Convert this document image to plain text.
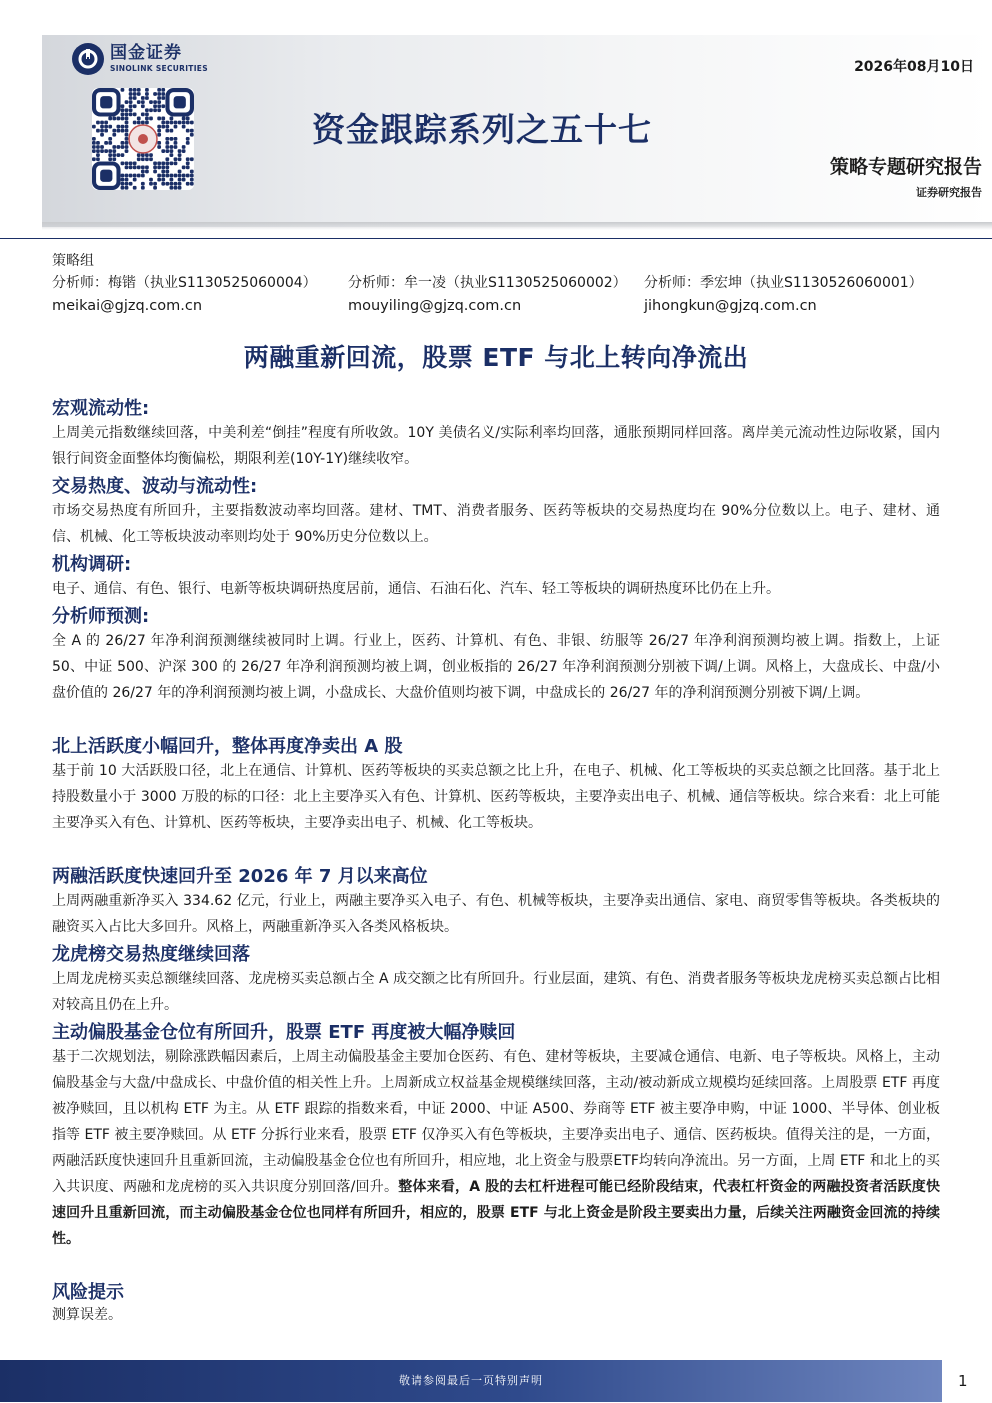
国金证券
SINOLINK SECURITIES	2026年08月10日
资金跟踪系列之五十七
策略专题研究报告
证券研究报告
策略组
分析师：梅锴（执业S1130525060004）
meikai@gjzq.com.cn
分析师：牟一凌（执业S1130525060002）
mouyiling@gjzq.com.cn
分析师：季宏坤（执业S1130526060001）
jihongkun@gjzq.com.cn
两融重新回流，股票 ETF 与北上转向净流出
宏观流动性:

上周美元指数继续回落，中美利差“倒挂”程度有所收敛。10Y 美债名义/实际利率均回落，通胀预期同样回落。离岸美元流动性边际收紧，国内银行间资金面整体均衡偏松，期限利差(10Y-1Y)继续收窄。

交易热度、波动与流动性:

市场交易热度有所回升，主要指数波动率均回落。建材、TMT、消费者服务、医药等板块的交易热度均在 90%分位数以上。电子、建材、通信、机械、化工等板块波动率则均处于 90%历史分位数以上。

机构调研:

电子、通信、有色、银行、电新等板块调研热度居前，通信、石油石化、汽车、轻工等板块的调研热度环比仍在上升。

分析师预测:

全 A 的 26/27 年净利润预测继续被同时上调。行业上，医药、计算机、有色、非银、纺服等 26/27 年净利润预测均被上调。指数上，上证 50、中证 500、沪深 300 的 26/27 年净利润预测均被上调，创业板指的 26/27 年净利润预测分别被下调/上调。风格上，大盘成长、中盘/小盘价值的 26/27 年的净利润预测均被上调，小盘成长、大盘价值则均被下调，中盘成长的 26/27 年的净利润预测分别被下调/上调。

北上活跃度小幅回升，整体再度净卖出 A 股

基于前 10 大活跃股口径，北上在通信、计算机、医药等板块的买卖总额之比上升，在电子、机械、化工等板块的买卖总额之比回落。基于北上持股数量小于 3000 万股的标的口径：北上主要净买入有色、计算机、医药等板块，主要净卖出电子、机械、通信等板块。综合来看：北上可能主要净买入有色、计算机、医药等板块，主要净卖出电子、机械、化工等板块。

两融活跃度快速回升至 2026 年 7 月以来高位

上周两融重新净买入 334.62 亿元，行业上，两融主要净买入电子、有色、机械等板块，主要净卖出通信、家电、商贸零售等板块。各类板块的融资买入占比大多回升。风格上，两融重新净买入各类风格板块。

龙虎榜交易热度继续回落

上周龙虎榜买卖总额继续回落、龙虎榜买卖总额占全 A 成交额之比有所回升。行业层面，建筑、有色、消费者服务等板块龙虎榜买卖总额占比相对较高且仍在上升。

主动偏股基金仓位有所回升，股票 ETF 再度被大幅净赎回

基于二次规划法，剔除涨跌幅因素后，上周主动偏股基金主要加仓医药、有色、建材等板块，主要减仓通信、电新、电子等板块。风格上，主动偏股基金与大盘/中盘成长、中盘价值的相关性上升。上周新成立权益基金规模继续回落，主动/被动新成立规模均延续回落。上周股票 ETF 再度被净赎回，且以机构 ETF 为主。从 ETF 跟踪的指数来看，中证 2000、中证 A500、券商等 ETF 被主要净申购，中证 1000、半导体、创业板指等 ETF 被主要净赎回。从 ETF 分拆行业来看，股票 ETF 仅净买入有色等板块，主要净卖出电子、通信、医药板块。值得关注的是，一方面，两融活跃度快速回升且重新回流，主动偏股基金仓位也有所回升，相应地，北上资金与股票ETF均转向净流出。另一方面，上周 ETF 和北上的买入共识度、两融和龙虎榜的买入共识度分别回落/回升。整体来看，A 股的去杠杆进程可能已经阶段结束，代表杠杆资金的两融投资者活跃度快速回升且重新回流，而主动偏股基金仓位也同样有所回升，相应的，股票 ETF 与北上资金是阶段主要卖出力量，后续关注两融资金回流的持续性。

风险提示

测算误差。

敬请参阅最后一页特别声明	1
